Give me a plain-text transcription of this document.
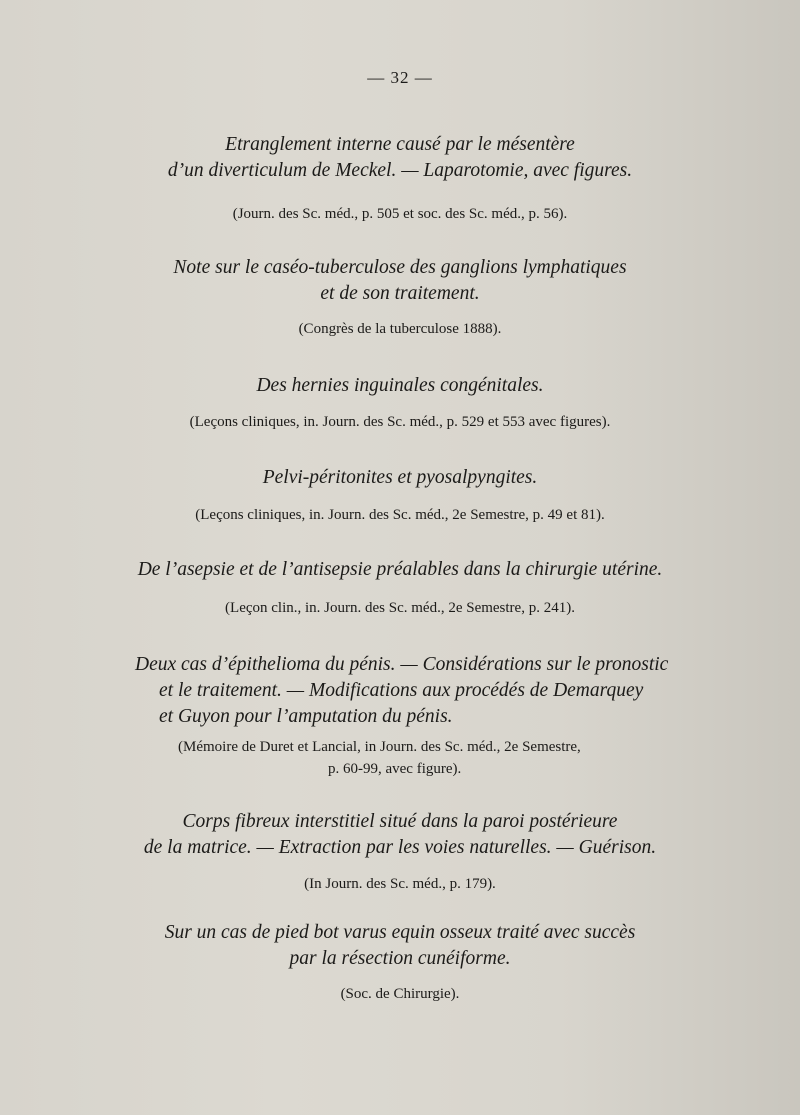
— 32 —
Etranglement interne causé par le mésentère
d’un diverticulum de Meckel. — Laparotomie, avec figures.
(Journ. des Sc. méd., p. 505 et soc. des Sc. méd., p. 56).
Note sur le caséo-tuberculose des ganglions lymphatiques
et de son traitement.
(Congrès de la tuberculose 1888).
Des hernies inguinales congénitales.
(Leçons cliniques, in. Journ. des Sc. méd., p. 529 et 553 avec figures).
Pelvi-péritonites et pyosalpyngites.
(Leçons cliniques, in. Journ. des Sc. méd., 2e Semestre, p. 49 et 81).
De l’asepsie et de l’antisepsie préalables dans la chirurgie utérine.
(Leçon clin., in. Journ. des Sc. méd., 2e Semestre, p. 241).
Deux cas d’épithelioma du pénis. — Considérations sur le pronostic
et le traitement. — Modifications aux procédés de Demarquey
et Guyon pour l’amputation du pénis.
(Mémoire de Duret et Lancial, in Journ. des Sc. méd., 2e Semestre,
p. 60-99, avec figure).
Corps fibreux interstitiel situé dans la paroi postérieure
de la matrice. — Extraction par les voies naturelles. — Guérison.
(In Journ. des Sc. méd., p. 179).
Sur un cas de pied bot varus equin osseux traité avec succès
par la résection cunéiforme.
(Soc. de Chirurgie).
